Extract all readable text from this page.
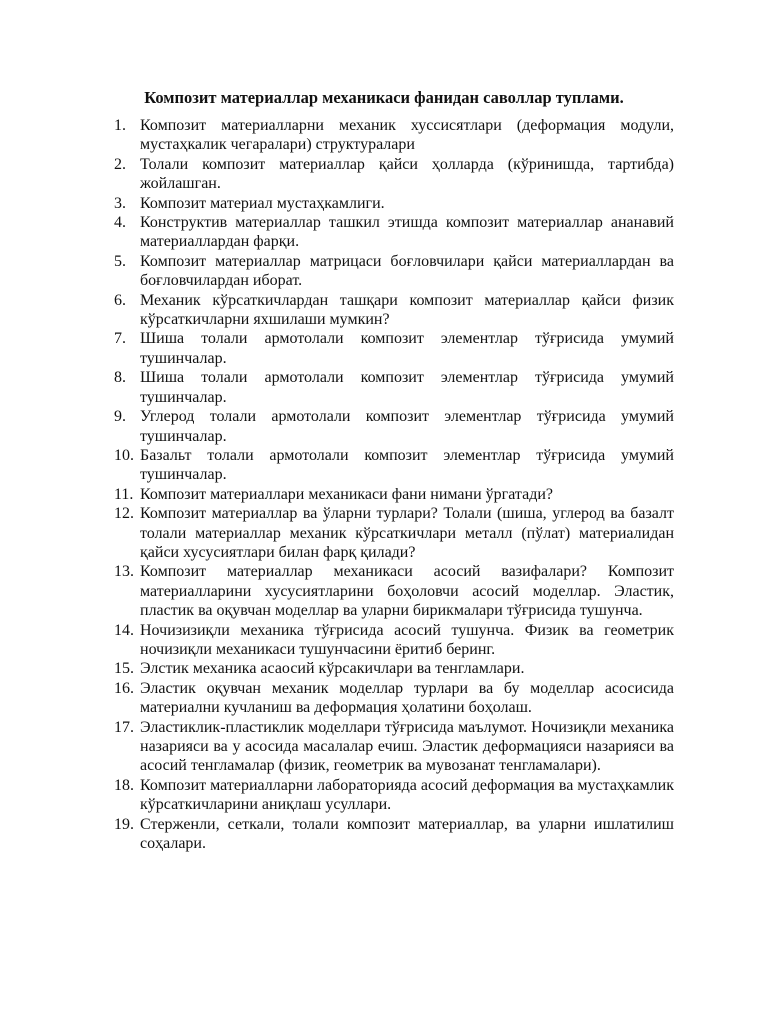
Композит материаллар механикаси фанидан саволлар туплами.
1. Композит материалларни механик хуссисятлари (деформация модули, мустаҳкалик чегаралари) структуралари
2. Толали композит материаллар қайси ҳолларда (кўринишда, тартибда) жойлашган.
3. Композит материал мустаҳкамлиги.
4. Конструктив материаллар ташкил этишда композит материаллар ананавий материаллардан фарқи.
5. Композит материаллар матрицаси боғловчилари қайси материаллардан ва боғловчилардан иборат.
6. Механик кўрсаткичлардан ташқари композит материаллар қайси физик кўрсаткичларни яхшилаши мумкин?
7. Шиша толали армотолали композит элементлар тўғрисида умумий тушинчалар.
8. Шиша толали армотолали композит элементлар тўғрисида умумий тушинчалар.
9. Углерод толали армотолали композит элементлар тўғрисида умумий тушинчалар.
10. Базальт толали армотолали композит элементлар тўғрисида умумий тушинчалар.
11. Композит материаллари механикаси фани нимани ўргатади?
12. Композит материаллар ва ўларни турлари? Толали (шиша, углерод ва базалт толали материаллар механик кўрсаткичлари металл (пўлат) материалидан қайси хусусиятлари билан фарқ қилади?
13. Композит материаллар механикаси асосий вазифалари? Композит материалларини хусусиятларини боҳоловчи асосий моделлар. Эластик, пластик ва оқувчан моделлар ва уларни бирикмалари тўғрисида тушунча.
14. Ночизизиқли механика тўғрисида асосий тушунча. Физик ва геометрик ночизиқли механикаси тушунчасини ёритиб беринг.
15. Элстик механика асаосий кўрсакичлари ва тенгламлари.
16. Эластик оқувчан механик моделлар турлари ва бу моделлар асосисида материални кучланиш ва деформация ҳолатини боҳолаш.
17. Эластиклик-пластиклик моделлари тўғрисида маълумот. Ночизиқли механика назарияси ва у асосида масалалар ечиш. Эластик деформацияси назарияси ва асосий тенгламалар (физик, геометрик ва мувозанат тенгламалари).
18. Композит материалларни лабораторияда асосий деформация ва мустаҳкамлик кўрсаткичларини аниқлаш усуллари.
19. Стерженли, сеткали, толали композит материаллар, ва уларни ишлатилиш соҳалари.
